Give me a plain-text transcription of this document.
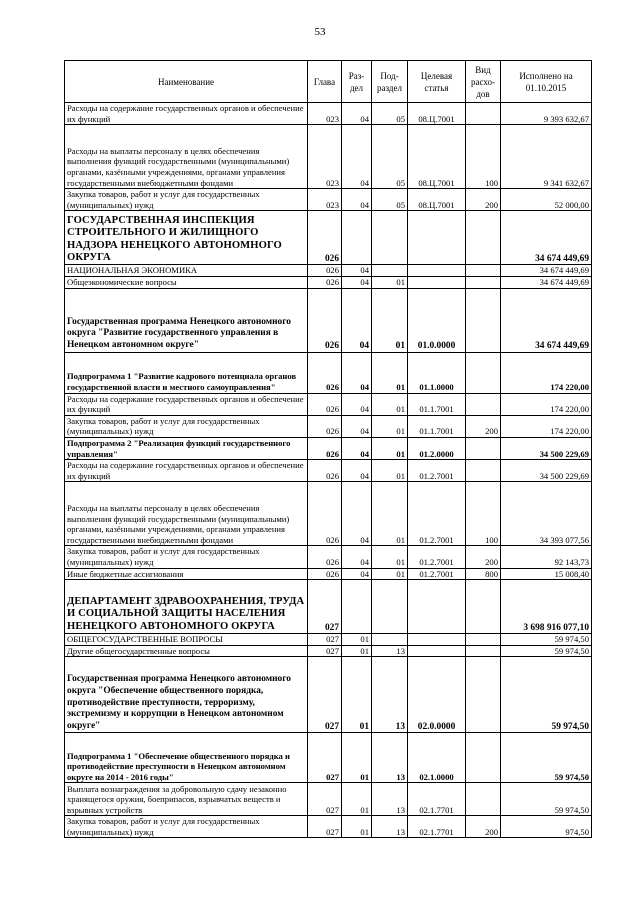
53
Наименование	Глава	Раз-дел	Под-раздел	Целевая статья	Вид расхо-дов	Исполнено на 01.10.2015
Расходы на содержание государственных органов и обеспечение их функций	023	04	05	08.Ц.7001		9 393 632,67
Расходы на выплаты персоналу в целях обеспечения выполнения функций государственными (муниципальными) органами, казёнными учреждениями, органами управления государственными внебюджетными фондами	023	04	05	08.Ц.7001	100	9 341 632,67
Закупка товаров, работ и услуг для государственных (муниципальных) нужд	023	04	05	08.Ц.7001	200	52 000,00
ГОСУДАРСТВЕННАЯ ИНСПЕКЦИЯ СТРОИТЕЛЬНОГО И ЖИЛИЩНОГО НАДЗОРА НЕНЕЦКОГО АВТОНОМНОГО ОКРУГА	026					34 674 449,69
НАЦИОНАЛЬНАЯ ЭКОНОМИКА	026	04				34 674 449,69
Общеэкономические вопросы	026	04	01			34 674 449,69
Государственная программа Ненецкого автономного округа "Развитие государственного управления в Ненецком автономном округе"	026	04	01	01.0.0000		34 674 449,69
Подпрограмма 1 "Развитие кадрового потенциала органов государственной власти и местного самоуправления"	026	04	01	01.1.0000		174 220,00
Расходы на содержание государственных органов и обеспечение их функций	026	04	01	01.1.7001		174 220,00
Закупка товаров, работ и услуг для государственных (муниципальных) нужд	026	04	01	01.1.7001	200	174 220,00
Подпрограмма 2 "Реализация функций государственного управления"	026	04	01	01.2.0000		34 500 229,69
Расходы на содержание государственных органов и обеспечение их функций	026	04	01	01.2.7001		34 500 229,69
Расходы на выплаты персоналу в целях обеспечения выполнения функций государственными (муниципальными) органами, казёнными учреждениями, органами управления государственными внебюджетными фондами	026	04	01	01.2.7001	100	34 393 077,56
Закупка товаров, работ и услуг для государственных (муниципальных) нужд	026	04	01	01.2.7001	200	92 143,73
Иные бюджетные ассигнования	026	04	01	01.2.7001	800	15 008,40
ДЕПАРТАМЕНТ ЗДРАВООХРАНЕНИЯ, ТРУДА И СОЦИАЛЬНОЙ ЗАЩИТЫ НАСЕЛЕНИЯ НЕНЕЦКОГО АВТОНОМНОГО ОКРУГА	027					3 698 916 077,10
ОБЩЕГОСУДАРСТВЕННЫЕ ВОПРОСЫ	027	01				59 974,50
Другие общегосударственные вопросы	027	01	13			59 974,50
Государственная программа Ненецкого автономного округа "Обеспечение общественного порядка, противодействие преступности, терроризму, экстремизму и коррупции в Ненецком автономном округе"	027	01	13	02.0.0000		59 974,50
Подпрограмма 1 "Обеспечение общественного порядка и противодействие преступности в Ненецком автономном округе на 2014 - 2016 годы"	027	01	13	02.1.0000		59 974,50
Выплата вознаграждения за добровольную сдачу незаконно хранящегося оружия, боеприпасов, взрывчатых веществ и взрывных устройств	027	01	13	02.1.7701		59 974,50
Закупка товаров, работ и услуг для государственных (муниципальных) нужд	027	01	13	02.1.7701	200	974,50
